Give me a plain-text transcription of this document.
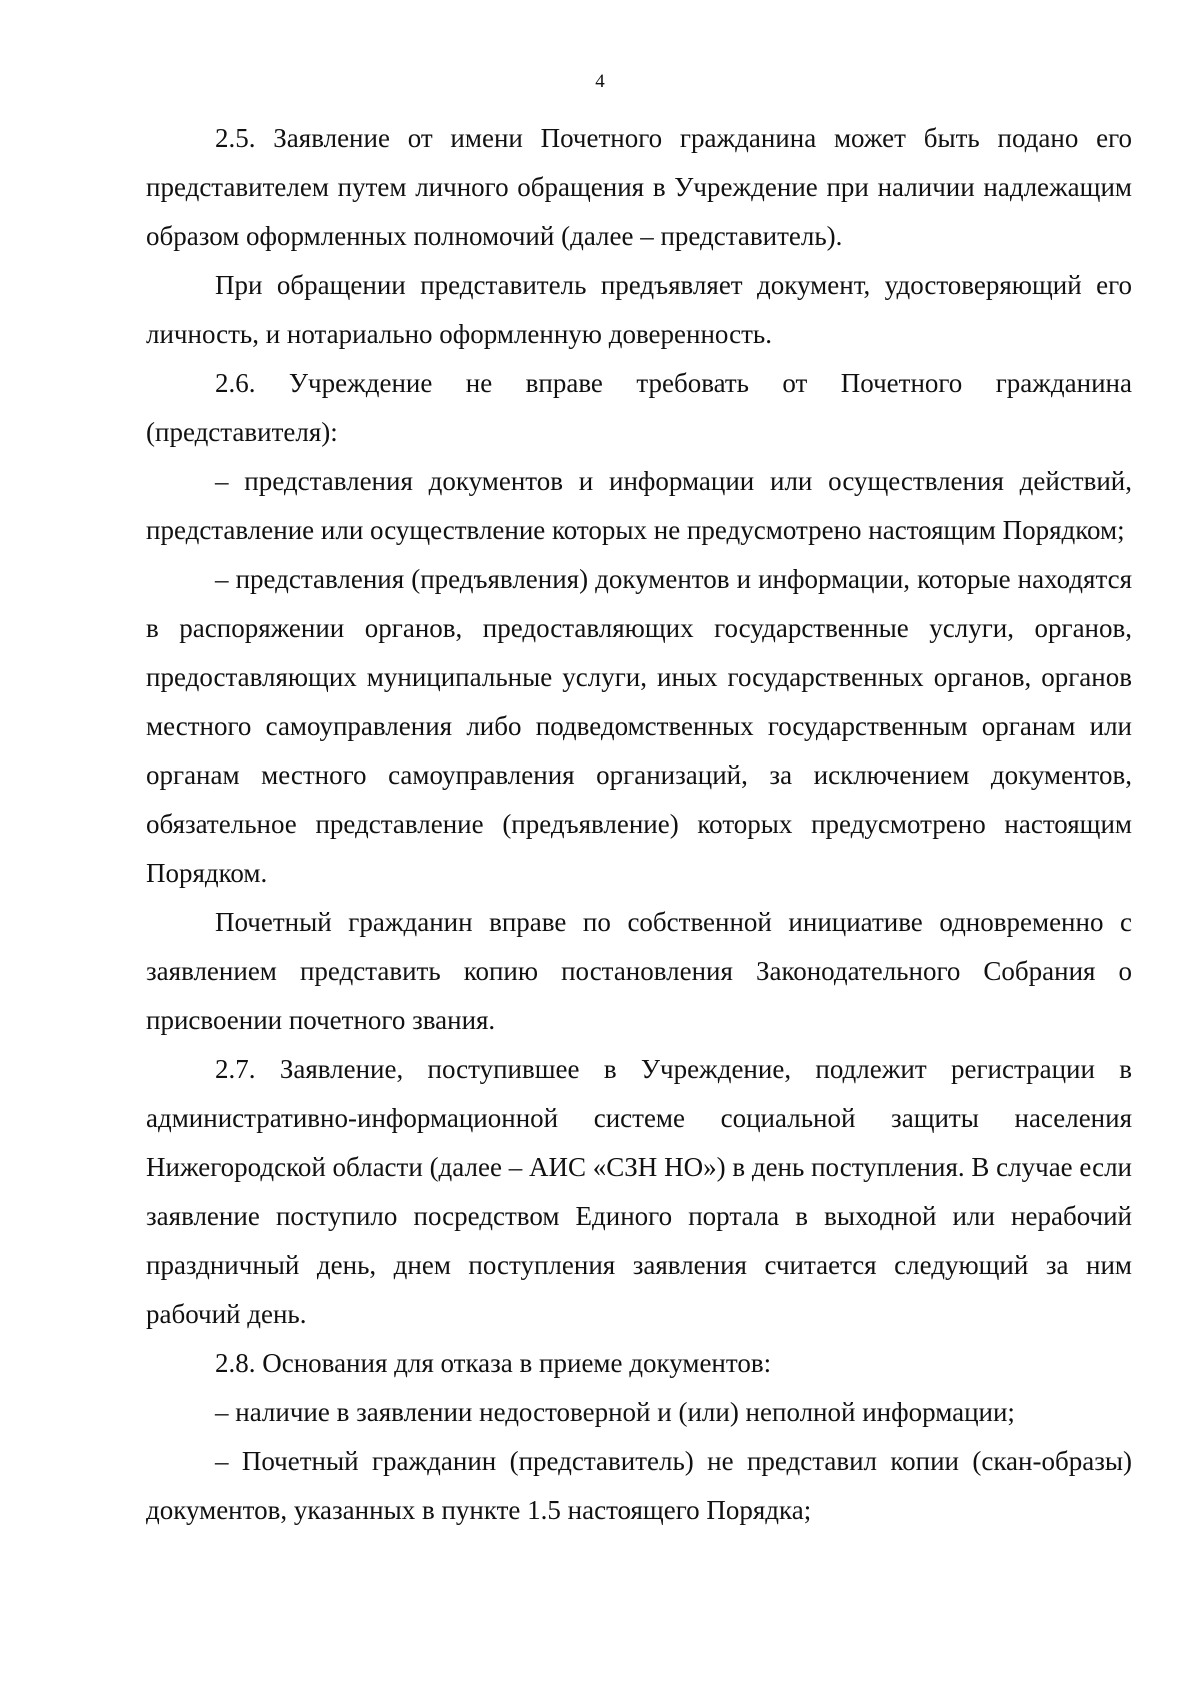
4

2.5. Заявление от имени Почетного гражданина может быть подано его представителем путем личного обращения в Учреждение при наличии надлежащим образом оформленных полномочий (далее – представитель).

При обращении представитель предъявляет документ, удостоверяющий его личность, и нотариально оформленную доверенность.

2.6. Учреждение не вправе требовать от Почетного гражданина (представителя):

– представления документов и информации или осуществления действий, представление или осуществление которых не предусмотрено настоящим Порядком;

– представления (предъявления) документов и информации, которые находятся в распоряжении органов, предоставляющих государственные услуги, органов, предоставляющих муниципальные услуги, иных государственных органов, органов местного самоуправления либо подведомственных государственным органам или органам местного самоуправления организаций, за исключением документов, обязательное представление (предъявление) которых предусмотрено настоящим Порядком.

Почетный гражданин вправе по собственной инициативе одновременно с заявлением представить копию постановления Законодательного Собрания о присвоении почетного звания.

2.7. Заявление, поступившее в Учреждение, подлежит регистрации в административно-информационной системе социальной защиты населения Нижегородской области (далее – АИС «СЗН НО») в день поступления. В случае если заявление поступило посредством Единого портала в выходной или нерабочий праздничный день, днем поступления заявления считается следующий за ним рабочий день.

2.8. Основания для отказа в приеме документов:

– наличие в заявлении недостоверной и (или) неполной информации;

– Почетный гражданин (представитель) не представил копии (скан-образы) документов, указанных в пункте 1.5 настоящего Порядка;
